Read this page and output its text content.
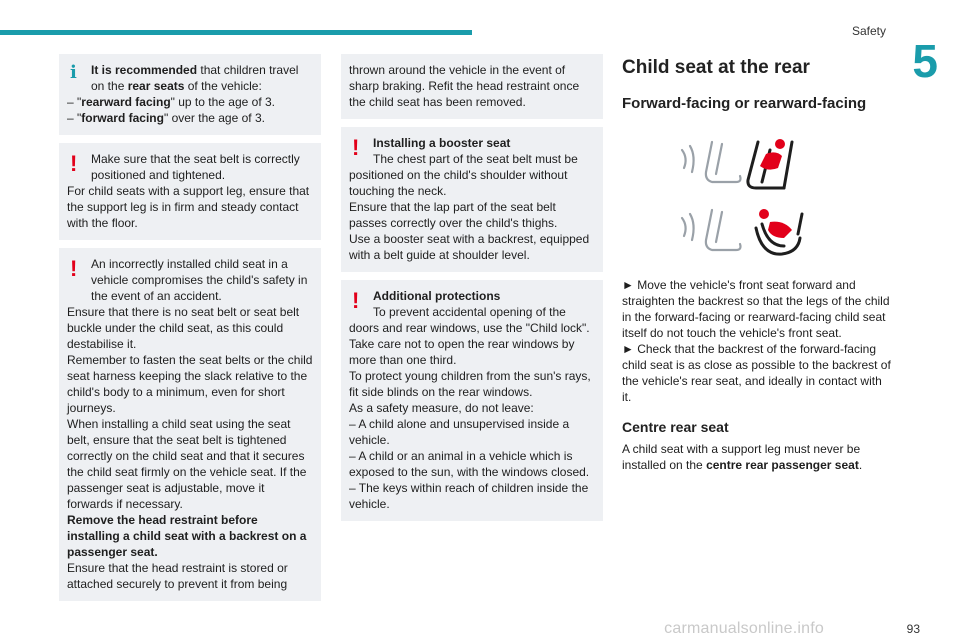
Safety
5
i	It is recommended that children travel on the rear seats of the vehicle:

– "rearward facing" up to the age of 3.

– "forward facing" over the age of 3.

!	Make sure that the seat belt is correctly positioned and tightened.

For child seats with a support leg, ensure that the support leg is in firm and steady contact with the floor.

!	An incorrectly installed child seat in a vehicle compromises the child's safety in the event of an accident.

Ensure that there is no seat belt or seat belt buckle under the child seat, as this could destabilise it.

Remember to fasten the seat belts or the child seat harness keeping the slack relative to the child's body to a minimum, even for short journeys.

When installing a child seat using the seat belt, ensure that the seat belt is tightened correctly on the child seat and that it secures the child seat firmly on the vehicle seat. If the passenger seat is adjustable, move it forwards if necessary.

Remove the head restraint before installing a child seat with a backrest on a passenger seat.

Ensure that the head restraint is stored or attached securely to prevent it from being

thrown around the vehicle in the event of sharp braking. Refit the head restraint once the child seat has been removed.

!	Installing a booster seat
The chest part of the seat belt must be positioned on the child's shoulder without touching the neck.

Ensure that the lap part of the seat belt passes correctly over the child's thighs.

Use a booster seat with a backrest, equipped with a belt guide at shoulder level.

!	Additional protections
To prevent accidental opening of the doors and rear windows, use the "Child lock".

Take care not to open the rear windows by more than one third.

To protect young children from the sun's rays, fit side blinds on the rear windows.

As a safety measure, do not leave:

– A child alone and unsupervised inside a vehicle.

– A child or an animal in a vehicle which is exposed to the sun, with the windows closed.

– The keys within reach of children inside the vehicle.

Child seat at the rear
Forward-facing or rearward-facing

► Move the vehicle's front seat forward and straighten the backrest so that the legs of the child in the forward-facing or rearward-facing child seat itself do not touch the vehicle's front seat.

► Check that the backrest of the forward-facing child seat is as close as possible to the backrest of the vehicle's rear seat, and ideally in contact with it.

Centre rear seat

A child seat with a support leg must never be installed on the centre rear passenger seat.

carmanualsonline.info	93
